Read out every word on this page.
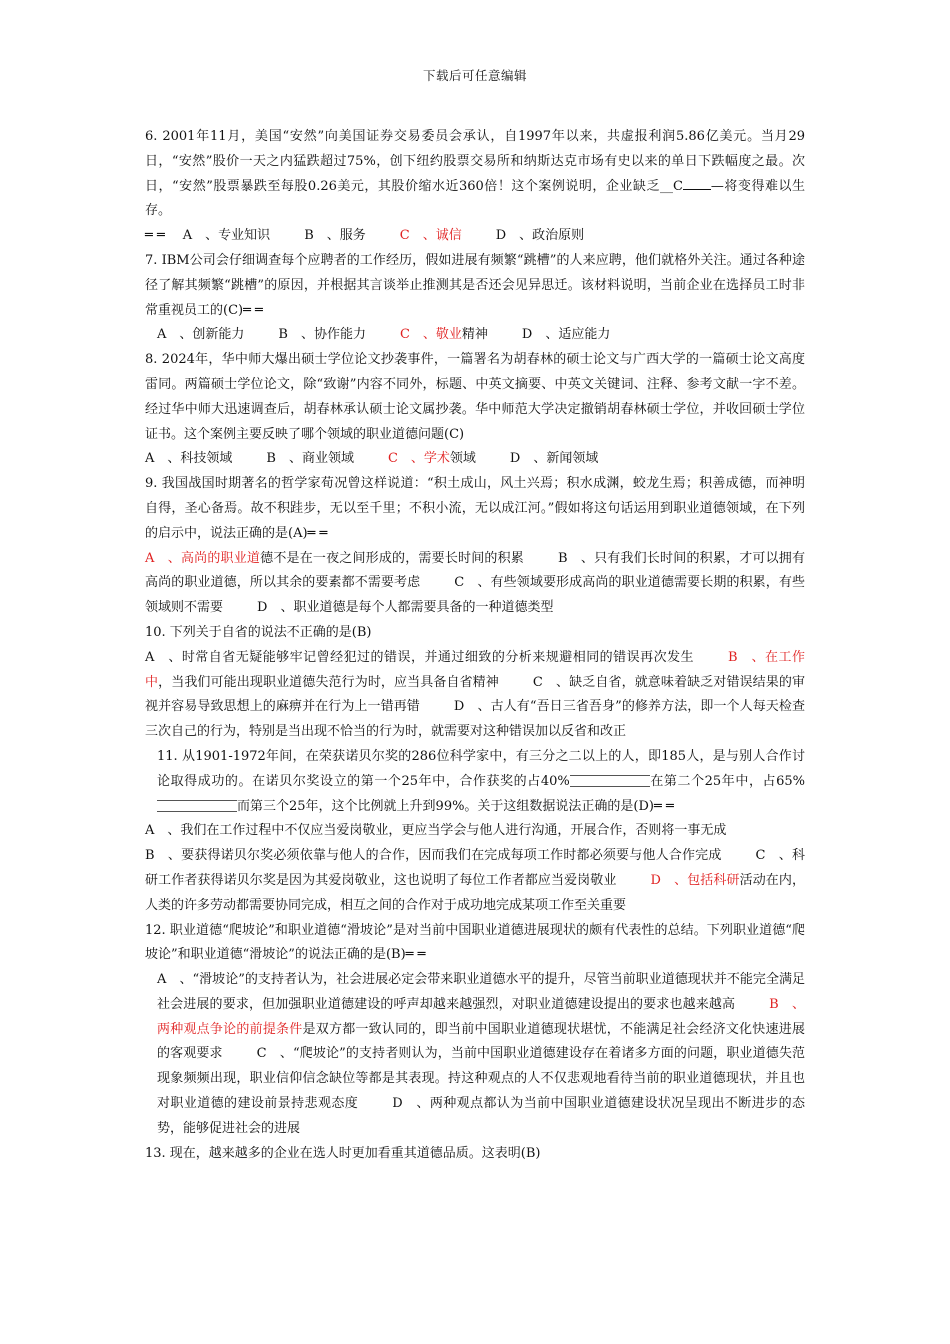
下载后可任意编辑

6. 2001年11月，美国“安然”向美国证券交易委员会承认，自1997年以来，共虚报利润5.86亿美元。当月29日，“安然”股价一天之内猛跌超过75%，创下纽约股票交易所和纳斯达克市场有史以来的单日下跌幅度之最。次日，“安然”股票暴跌至每股0.26美元，其股价缩水近360倍！这个案例说明，企业缺乏__C —将变得难以生存。

═ ═ A　、专业知识	B　、服务	C　、诚信	D　、政治原则

7. IBM公司会仔细调查每个应聘者的工作经历，假如进展有频繁“跳槽”的人来应聘，他们就格外关注。通过各种途径了解其频繁“跳槽”的原因，并根据其言谈举止推测其是否还会见异思迁。该材料说明，当前企业在选择员工时非常重视员工的(C)═ ═

A　、创新能力	B　、协作能力	C　、敬业精神	D　、适应能力

8. 2024年，华中师大爆出硕士学位论文抄袭事件，一篇署名为胡春林的硕士论文与广西大学的一篇硕士论文高度雷同。两篇硕士学位论文，除“致谢”内容不同外，标题、中英文摘要、中英文关键词、注释、参考文献一字不差。经过华中师大迅速调查后，胡春林承认硕士论文属抄袭。华中师范大学决定撤销胡春林硕士学位，并收回硕士学位证书。这个案例主要反映了哪个领域的职业道德问题(C)

A　、科技领域	B　、商业领域	C　、学术领域	D　、新闻领域

9. 我国战国时期著名的哲学家荀况曾这样说道：“积土成山，风土兴焉；积水成渊，蛟龙生焉；积善成德，而神明自得，圣心备焉。故不积跬步，无以至千里；不积小流，无以成江河。”假如将这句话运用到职业道德领域，在下列的启示中，说法正确的是(A)═ ═

A　、高尚的职业道德不是在一夜之间形成的，需要长时间的积累	B　、只有我们长时间的积累，才可以拥有高尚的职业道德，所以其余的要素都不需要考虑	C　、有些领域要形成高尚的职业道德需要长期的积累，有些领域则不需要	D　、职业道德是每个人都需要具备的一种道德类型

10. 下列关于自省的说法不正确的是(B)

A　、时常自省无疑能够牢记曾经犯过的错误，并通过细致的分析来规避相同的错误再次发生	B　、在工作中，当我们可能出现职业道德失范行为时，应当具备自省精神	C　、缺乏自省，就意味着缺乏对错误结果的审视并容易导致思想上的麻痹并在行为上一错再错	D　、古人有“吾日三省吾身”的修养方法，即一个人每天检查三次自己的行为，特别是当出现不恰当的行为时，就需要对这种错误加以反省和改正

11. 从1901-1972年间，在荣获诺贝尔奖的286位科学家中，有三分之二以上的人，即185人，是与别人合作讨论取得成功的。在诺贝尔奖设立的第一个25年中，合作获奖的占40%	在第二个25年中，占65%而第三个25年，这个比例就上升到99%。关于这组数据说法正确的是(D)═ ═

A　、我们在工作过程中不仅应当爱岗敬业，更应当学会与他人进行沟通，开展合作，否则将一事无成
B　、要获得诺贝尔奖必须依靠与他人的合作，因而我们在完成每项工作时都必须要与他人合作完成	C　、科研工作者获得诺贝尔奖是因为其爱岗敬业，这也说明了每位工作者都应当爱岗敬业	D　、包括科研活动在内，人类的许多劳动都需要协同完成，相互之间的合作对于成功地完成某项工作至关重要

12. 职业道德“爬坡论”和职业道德“滑坡论”是对当前中国职业道德进展现状的颇有代表性的总结。下列职业道德“爬坡论”和职业道德“滑坡论”的说法正确的是(B)═ ═

A　、“滑坡论”的支持者认为，社会进展必定会带来职业道德水平的提升，尽管当前职业道德现状并不能完全满足社会进展的要求，但加强职业道德建设的呼声却越来越强烈，对职业道德建设提出的要求也越来越高	B　、两种观点争论的前提条件是双方都一致认同的，即当前中国职业道德现状堪忧，不能满足社会经济文化快速进展的客观要求	C　、“爬坡论”的支持者则认为，当前中国职业道德建设存在着诸多方面的问题，职业道德失范现象频频出现，职业信仰信念缺位等都是其表现。持这种观点的人不仅悲观地看待当前的职业道德现状，并且也对职业道德的建设前景持悲观态度	D　、两种观点都认为当前中国职业道德建设状况呈现出不断进步的态势，能够促进社会的进展

13. 现在，越来越多的企业在选人时更加看重其道德品质。这表明(B)
